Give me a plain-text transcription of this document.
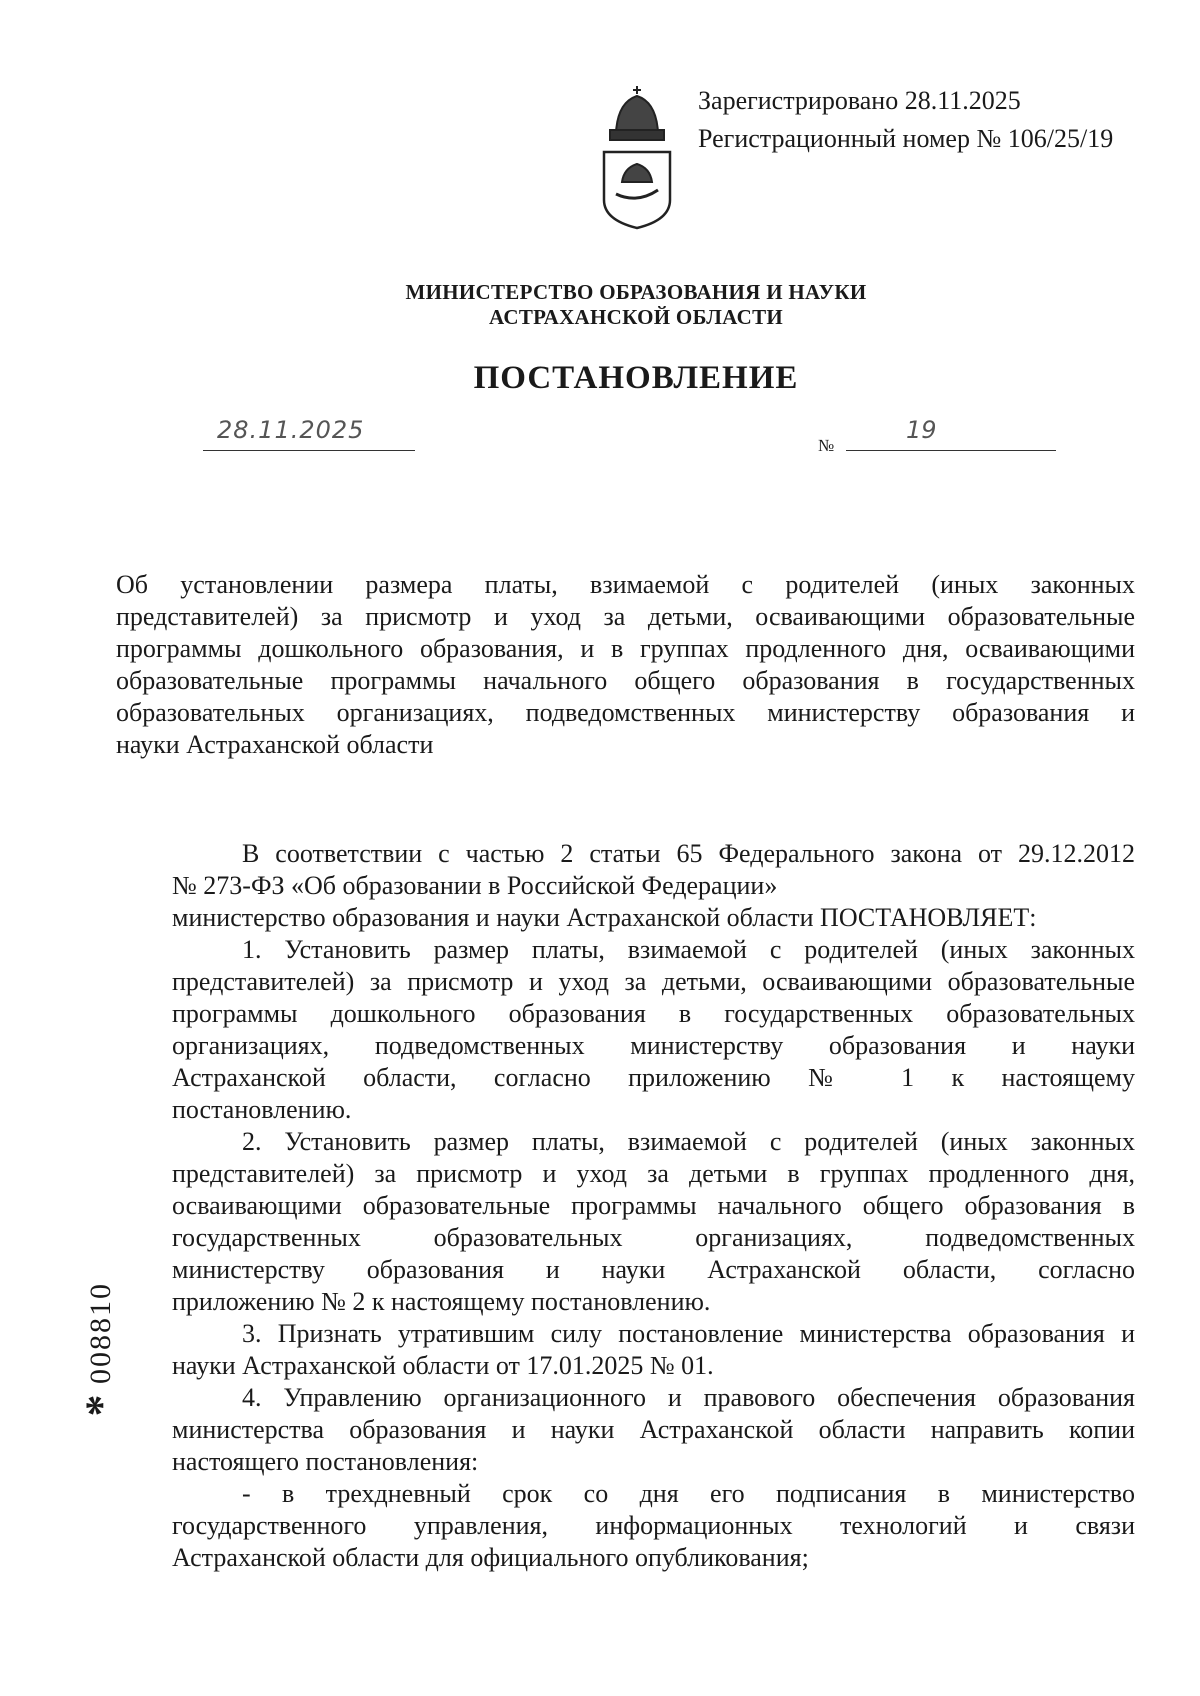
Зарегистрировано 28.11.2025
Регистрационный номер № 106/25/19
МИНИСТЕРСТВО ОБРАЗОВАНИЯ И НАУКИ
АСТРАХАНСКОЙ ОБЛАСТИ
ПОСТАНОВЛЕНИЕ
28.11.2025
№
19
Об установлении размера платы, взимаемой с родителей (иных законных
представителей) за присмотр и уход за детьми, осваивающими образовательные
программы дошкольного образования, и в группах продленного дня, осваивающими
образовательные программы начального общего образования в государственных
образовательных организациях, подведомственных министерству образования и
науки Астраханской области
В соответствии с частью 2 статьи 65 Федерального закона от 29.12.2012
№ 273-ФЗ «Об образовании в Российской Федерации»
министерство образования и науки Астраханской области ПОСТАНОВЛЯЕТ:
1. Установить размер платы, взимаемой с родителей (иных законных
представителей) за присмотр и уход за детьми, осваивающими образовательные
программы дошкольного образования в государственных образовательных
организациях, подведомственных министерству образования и науки
Астраханской области, согласно приложению № 1 к настоящему
постановлению.
2. Установить размер платы, взимаемой с родителей (иных законных
представителей) за присмотр и уход за детьми в группах продленного дня,
осваивающими образовательные программы начального общего образования в
государственных образовательных организациях, подведомственных
министерству образования и науки Астраханской области, согласно
приложению № 2 к настоящему постановлению.
3. Признать утратившим силу постановление министерства образования и
науки Астраханской области от 17.01.2025 № 01.
4. Управлению организационного и правового обеспечения образования
министерства образования и науки Астраханской области направить копии
настоящего постановления:
- в трехдневный срок со дня его подписания в министерство
государственного управления, информационных технологий и связи
Астраханской области для официального опубликования;
008810
*
